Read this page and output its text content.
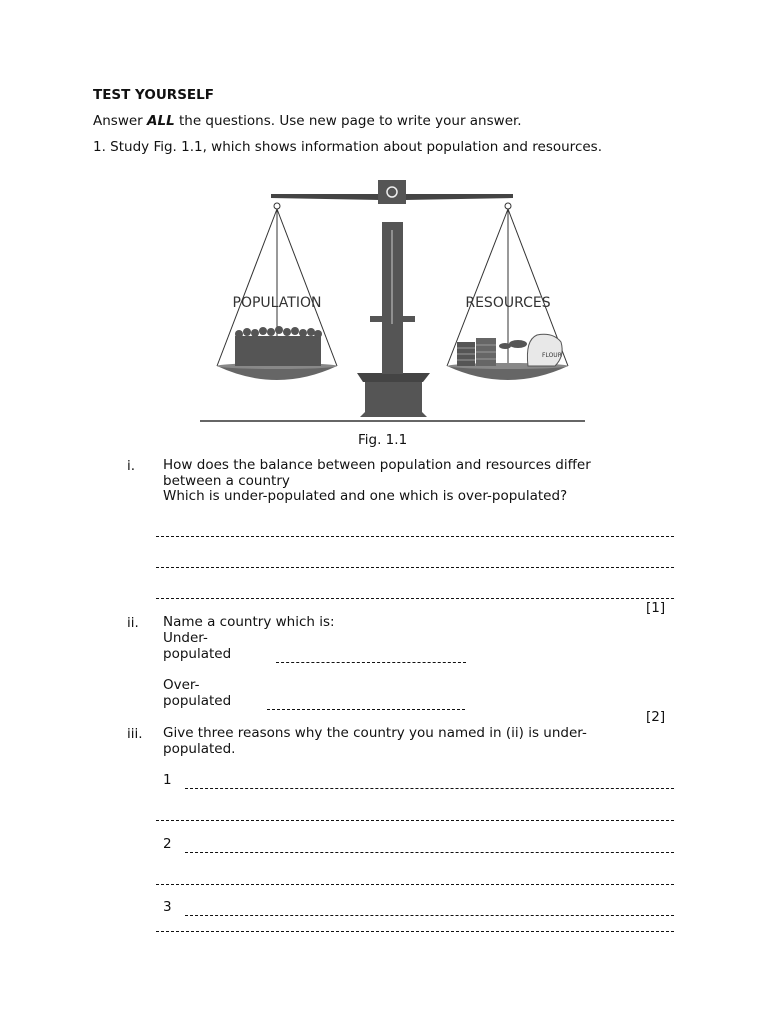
TEST YOURSELF
Answer ALL the questions. Use new page to write your answer.
1. Study Fig. 1.1, which shows information about population and resources.
FLOUR
POPULATION	RESOURCES
Fig. 1.1
i. How does the balance between population and resources differ
between a country
Which is under-populated and one which is over-populated?
[1]
ii. Name a country which is:
Under-
populated
Over-
populated
[2]
iii. Give three reasons why the country you named in (ii) is under-
populated.
1
2
3
